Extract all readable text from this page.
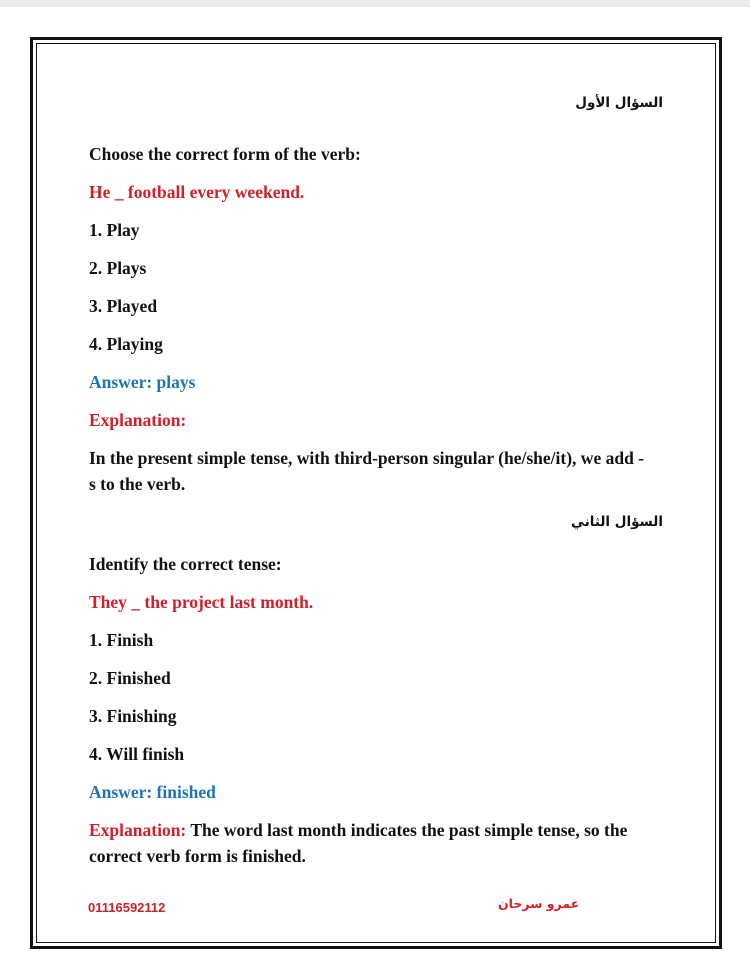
السؤال الأول

Choose the correct form of the verb:

He _ football every weekend.

1. Play

2. Plays

3. Played

4. Playing

Answer: plays

Explanation:

In the present simple tense, with third-person singular (he/she/it), we add -s to the verb.

السؤال الثاني

Identify the correct tense:

They _ the project last month.

1. Finish

2. Finished

3. Finishing

4. Will finish

Answer: finished

Explanation: The word last month indicates the past simple tense, so the correct verb form is finished.

01116592112	عمرو سرحان
